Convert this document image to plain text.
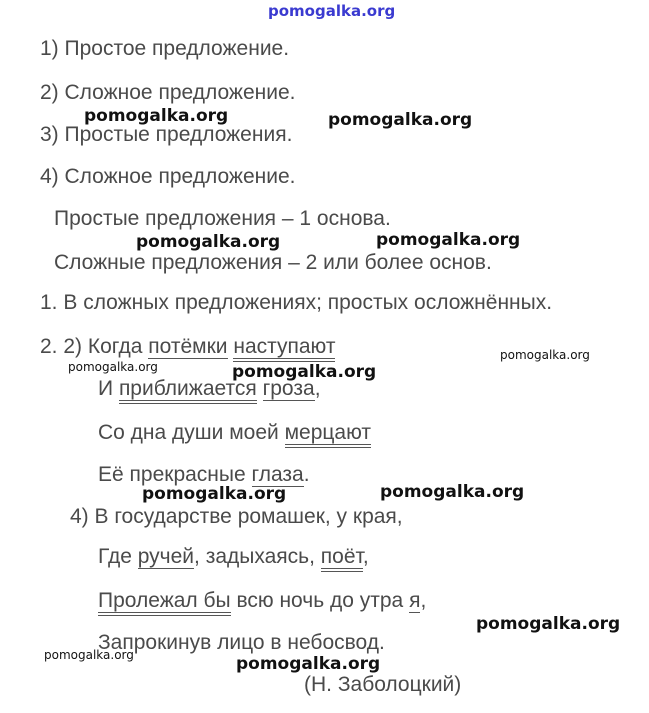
pomogalka.org
1) Простое предложение.
2) Сложное предложение.
3) Простые предложения.
4) Сложное предложение.
Простые предложения – 1 основа.
Сложные предложения – 2 или более основ.
1. В сложных предложениях; простых осложнённых.
2. 2) Когда потёмки наступают
И приближается гроза,
Со дна души моей мерцают
Её прекрасные глаза.
4) В государстве ромашек, у края,
Где ручей, задыхаясь, поёт,
Пролежал бы всю ночь до утра я,
Запрокинув лицо в небосвод.
(Н. Заболоцкий)
pomogalka.org	pomogalka.org
pomogalka.org	pomogalka.org
pomogalka.org
pomogalka.org
pomogalka.org
pomogalka.org	pomogalka.org
pomogalka.org
pomogalka.org	pomogalka.org
